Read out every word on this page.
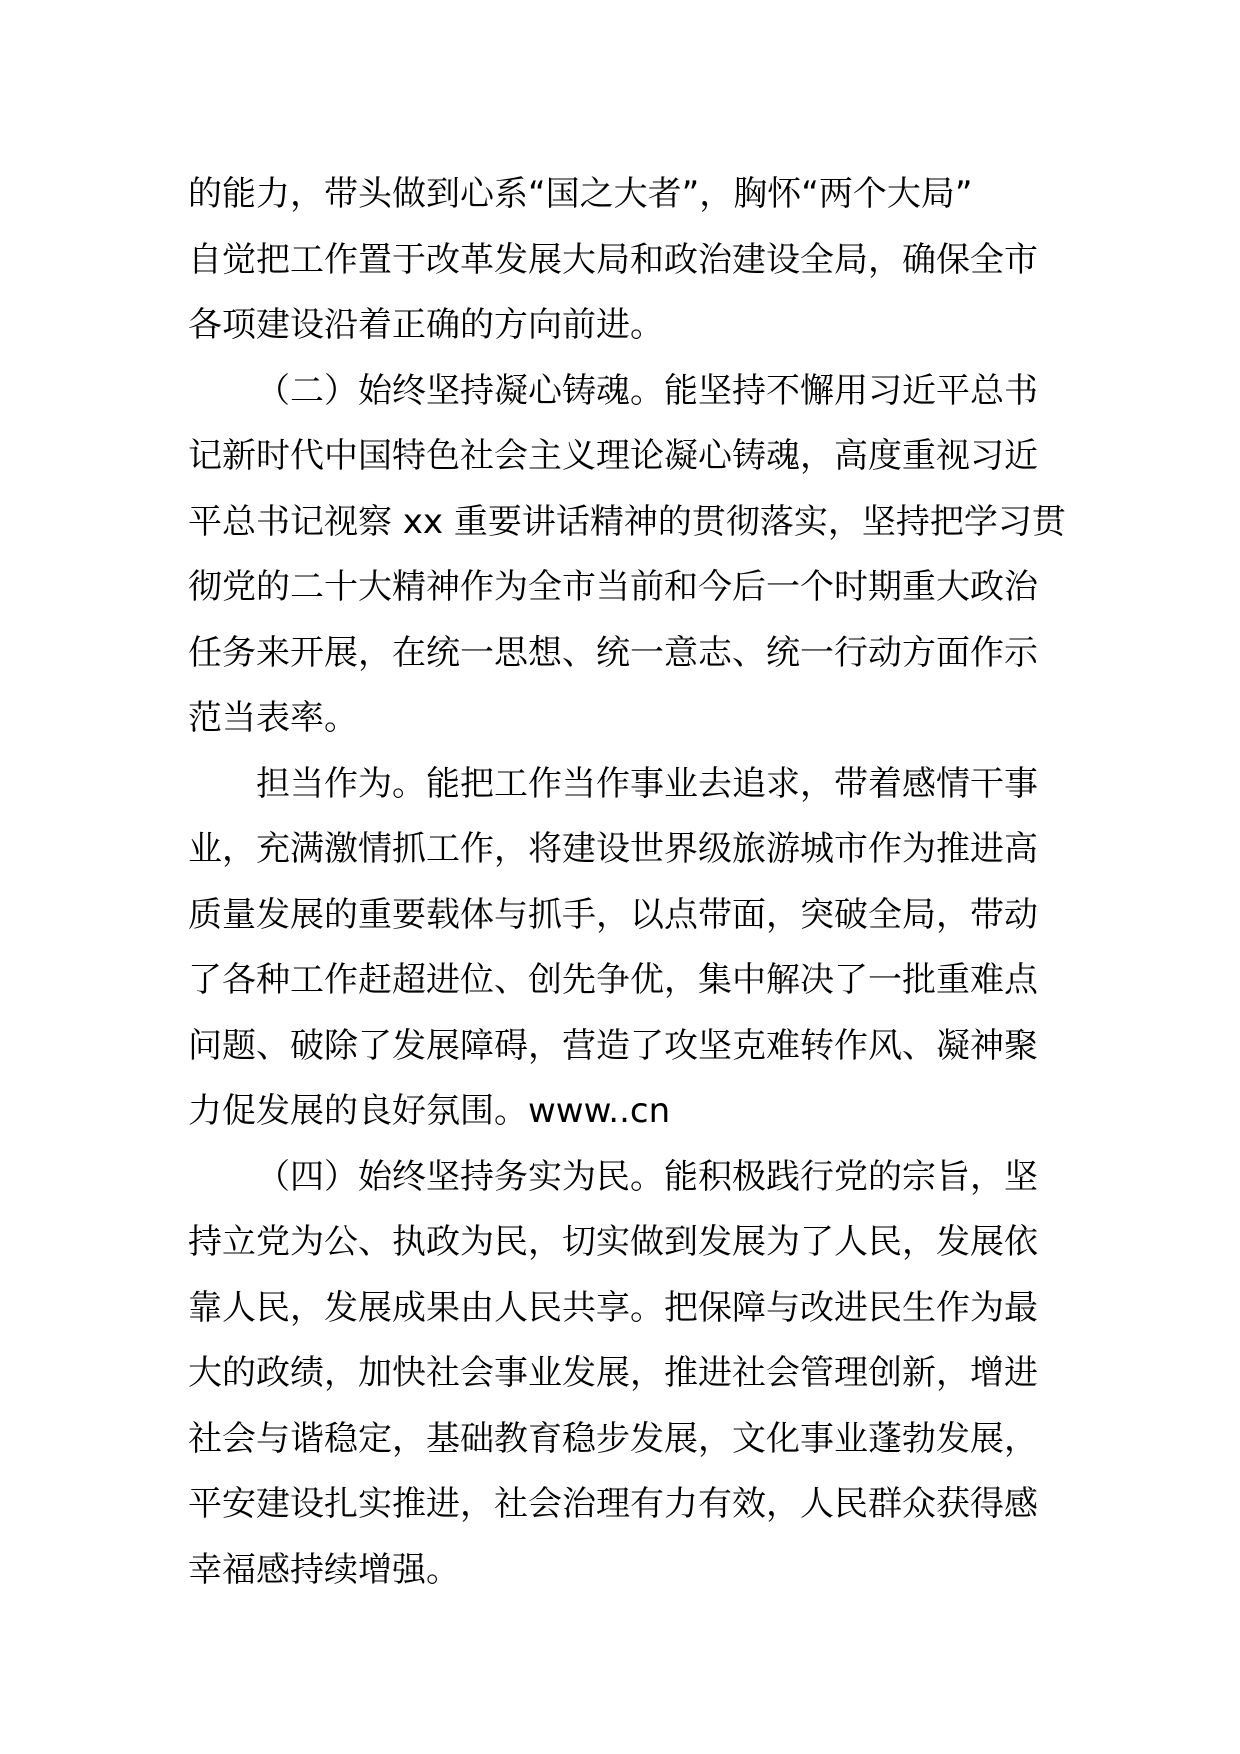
的能力，带头做到心系“国之大者”，胸怀“两个大局”
自觉把工作置于改革发展大局和政治建设全局，确保全市
各项建设沿着正确的方向前进。
（二）始终坚持凝心铸魂。能坚持不懈用习近平总书
记新时代中国特色社会主义理论凝心铸魂，高度重视习近
平总书记视察 xx 重要讲话精神的贯彻落实，坚持把学习贯
彻党的二十大精神作为全市当前和今后一个时期重大政治
任务来开展，在统一思想、统一意志、统一行动方面作示
范当表率。
担当作为。能把工作当作事业去追求，带着感情干事
业，充满激情抓工作，将建设世界级旅游城市作为推进高
质量发展的重要载体与抓手，以点带面，突破全局，带动
了各种工作赶超进位、创先争优，集中解决了一批重难点
问题、破除了发展障碍，营造了攻坚克难转作风、凝神聚
力促发展的良好氛围。www..cn
（四）始终坚持务实为民。能积极践行党的宗旨，坚
持立党为公、执政为民，切实做到发展为了人民，发展依
靠人民，发展成果由人民共享。把保障与改进民生作为最
大的政绩，加快社会事业发展，推进社会管理创新，增进
社会与谐稳定，基础教育稳步发展，文化事业蓬勃发展，
平安建设扎实推进，社会治理有力有效，人民群众获得感
幸福感持续增强。
